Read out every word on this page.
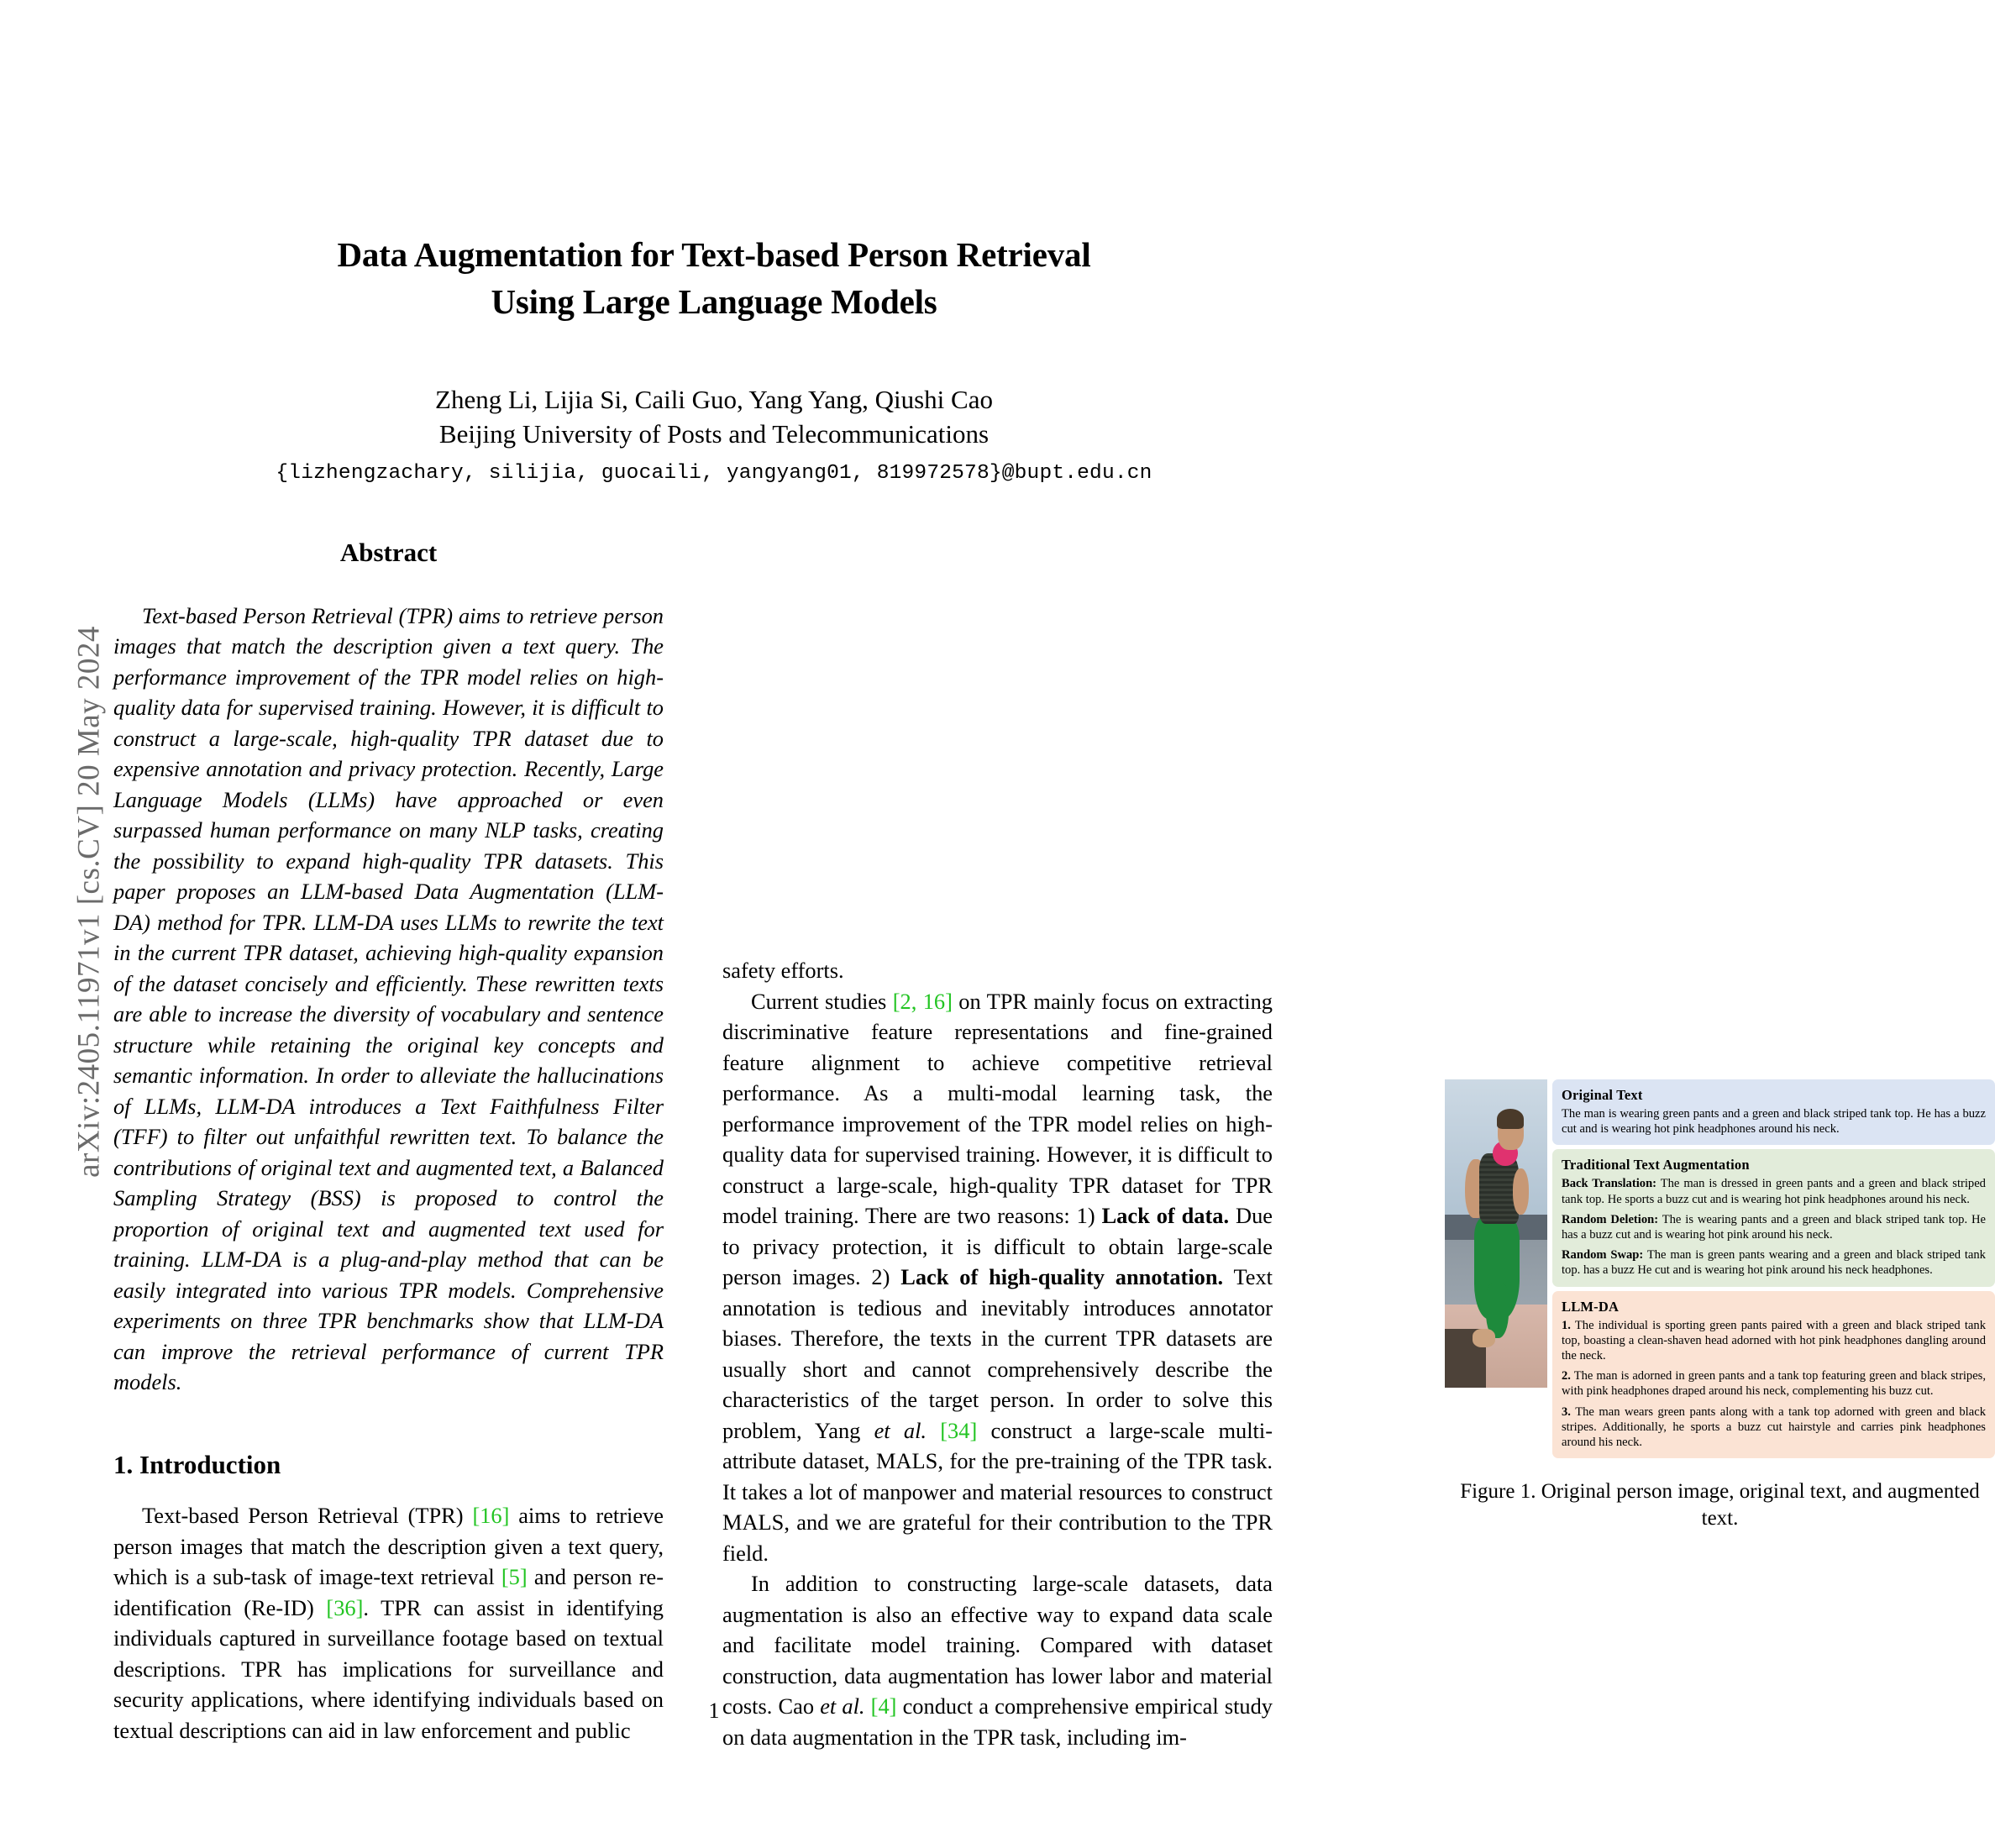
arXiv:2405.11971v1 [cs.CV] 20 May 2024
Data Augmentation for Text-based Person Retrieval
Using Large Language Models
Zheng Li, Lijia Si, Caili Guo, Yang Yang, Qiushi Cao
Beijing University of Posts and Telecommunications
{lizhengzachary, silijia, guocaili, yangyang01, 819972578}@bupt.edu.cn
Abstract

Text-based Person Retrieval (TPR) aims to retrieve person images that match the description given a text query. The performance improvement of the TPR model relies on high-quality data for supervised training. However, it is difficult to construct a large-scale, high-quality TPR dataset due to expensive annotation and privacy protection. Recently, Large Language Models (LLMs) have approached or even surpassed human performance on many NLP tasks, creating the possibility to expand high-quality TPR datasets. This paper proposes an LLM-based Data Augmentation (LLM-DA) method for TPR. LLM-DA uses LLMs to rewrite the text in the current TPR dataset, achieving high-quality expansion of the dataset concisely and efficiently. These rewritten texts are able to increase the diversity of vocabulary and sentence structure while retaining the original key concepts and semantic information. In order to alleviate the hallucinations of LLMs, LLM-DA introduces a Text Faithfulness Filter (TFF) to filter out unfaithful rewritten text. To balance the contributions of original text and augmented text, a Balanced Sampling Strategy (BSS) is proposed to control the proportion of original text and augmented text used for training. LLM-DA is a plug-and-play method that can be easily integrated into various TPR models. Comprehensive experiments on three TPR benchmarks show that LLM-DA can improve the retrieval performance of current TPR models.

1. Introduction

Text-based Person Retrieval (TPR) [16] aims to retrieve person images that match the description given a text query, which is a sub-task of image-text retrieval [5] and person re-identification (Re-ID) [36]. TPR can assist in identifying individuals captured in surveillance footage based on textual descriptions. TPR has implications for surveillance and security applications, where identifying individuals based on textual descriptions can aid in law enforcement and public

Original Text

The man is wearing green pants and a green and black striped tank top. He has a buzz cut and is wearing hot pink headphones around his neck.

Traditional Text Augmentation

Back Translation: The man is dressed in green pants and a green and black striped tank top. He sports a buzz cut and is wearing hot pink headphones around his neck.

Random Deletion: The is wearing pants and a green and black striped tank top. He has a buzz cut and is wearing hot pink around his neck.

Random Swap: The man is green pants wearing and a green and black striped tank top. has a buzz He cut and is wearing hot pink around his neck headphones.

LLM-DA

1. The individual is sporting green pants paired with a green and black striped tank top, boasting a clean-shaven head adorned with hot pink headphones dangling around the neck.

2. The man is adorned in green pants and a tank top featuring green and black stripes, with pink headphones draped around his neck, complementing his buzz cut.

3. The man wears green pants along with a tank top adorned with green and black stripes. Additionally, he sports a buzz cut hairstyle and carries pink headphones around his neck.

Figure 1. Original person image, original text, and augmented text.

safety efforts.

Current studies [2, 16] on TPR mainly focus on extracting discriminative feature representations and fine-grained feature alignment to achieve competitive retrieval performance. As a multi-modal learning task, the performance improvement of the TPR model relies on high-quality data for supervised training. However, it is difficult to construct a large-scale, high-quality TPR dataset for TPR model training. There are two reasons: 1) Lack of data. Due to privacy protection, it is difficult to obtain large-scale person images. 2) Lack of high-quality annotation. Text annotation is tedious and inevitably introduces annotator biases. Therefore, the texts in the current TPR datasets are usually short and cannot comprehensively describe the characteristics of the target person. In order to solve this problem, Yang et al. [34] construct a large-scale multi-attribute dataset, MALS, for the pre-training of the TPR task. It takes a lot of manpower and material resources to construct MALS, and we are grateful for their contribution to the TPR field.

In addition to constructing large-scale datasets, data augmentation is also an effective way to expand data scale and facilitate model training. Compared with dataset construction, data augmentation has lower labor and material costs. Cao et al. [4] conduct a comprehensive empirical study on data augmentation in the TPR task, including im-

1
